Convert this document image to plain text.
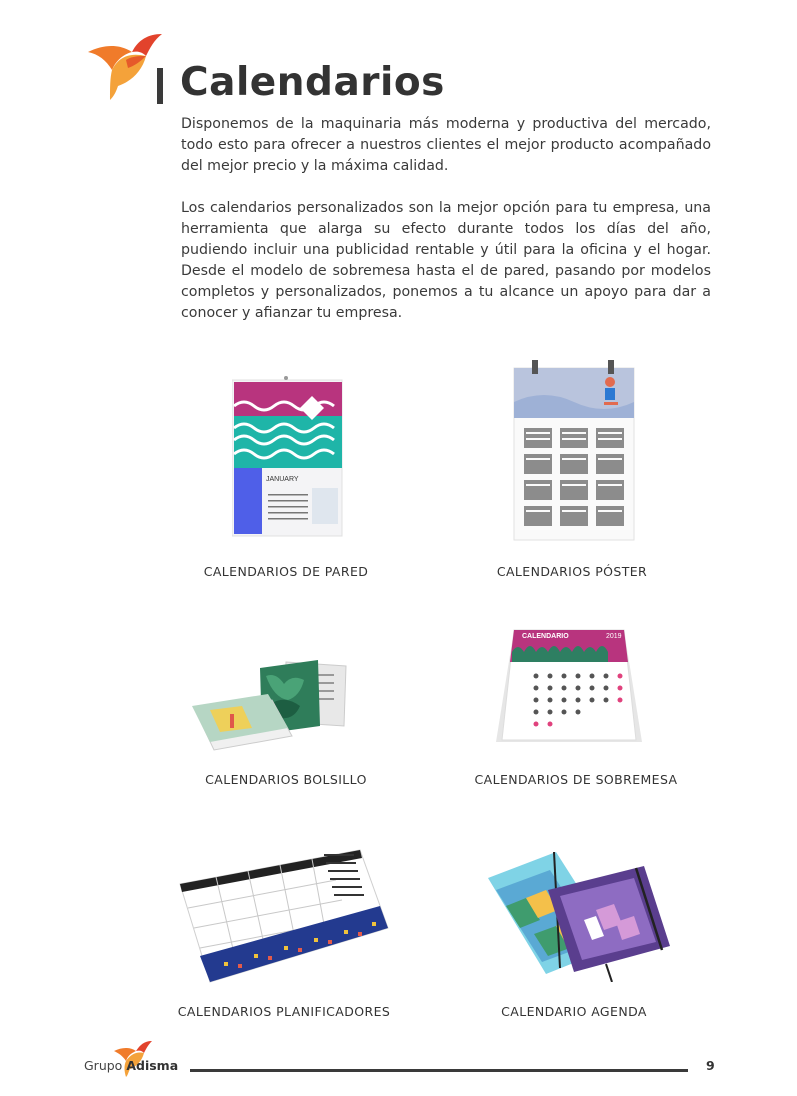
Calendarios

Disponemos de la maquinaria más moderna y productiva del mercado, todo esto para ofrecer a nuestros clientes el mejor producto acompañado del mejor precio y la máxima calidad.

Los calendarios personalizados son la mejor opción para tu empresa, una herramienta que alarga su efecto durante todos los días del año, pudiendo incluir una publicidad rentable y útil para la oficina y el hogar. Desde el modelo de sobremesa hasta el de pared, pasando por modelos completos y personalizados, ponemos a tu alcance un apoyo para dar a conocer y afianzar tu empresa.

JANUARY
CALENDARIOS DE PARED	CALENDARIOS PÓSTER
CALENDARIOS BOLSILLO
CALENDARIO	2019
CALENDARIOS DE SOBREMESA
CALENDARIOS PLANIFICADORES	CALENDARIO AGENDA
Grupo Adisma	9
